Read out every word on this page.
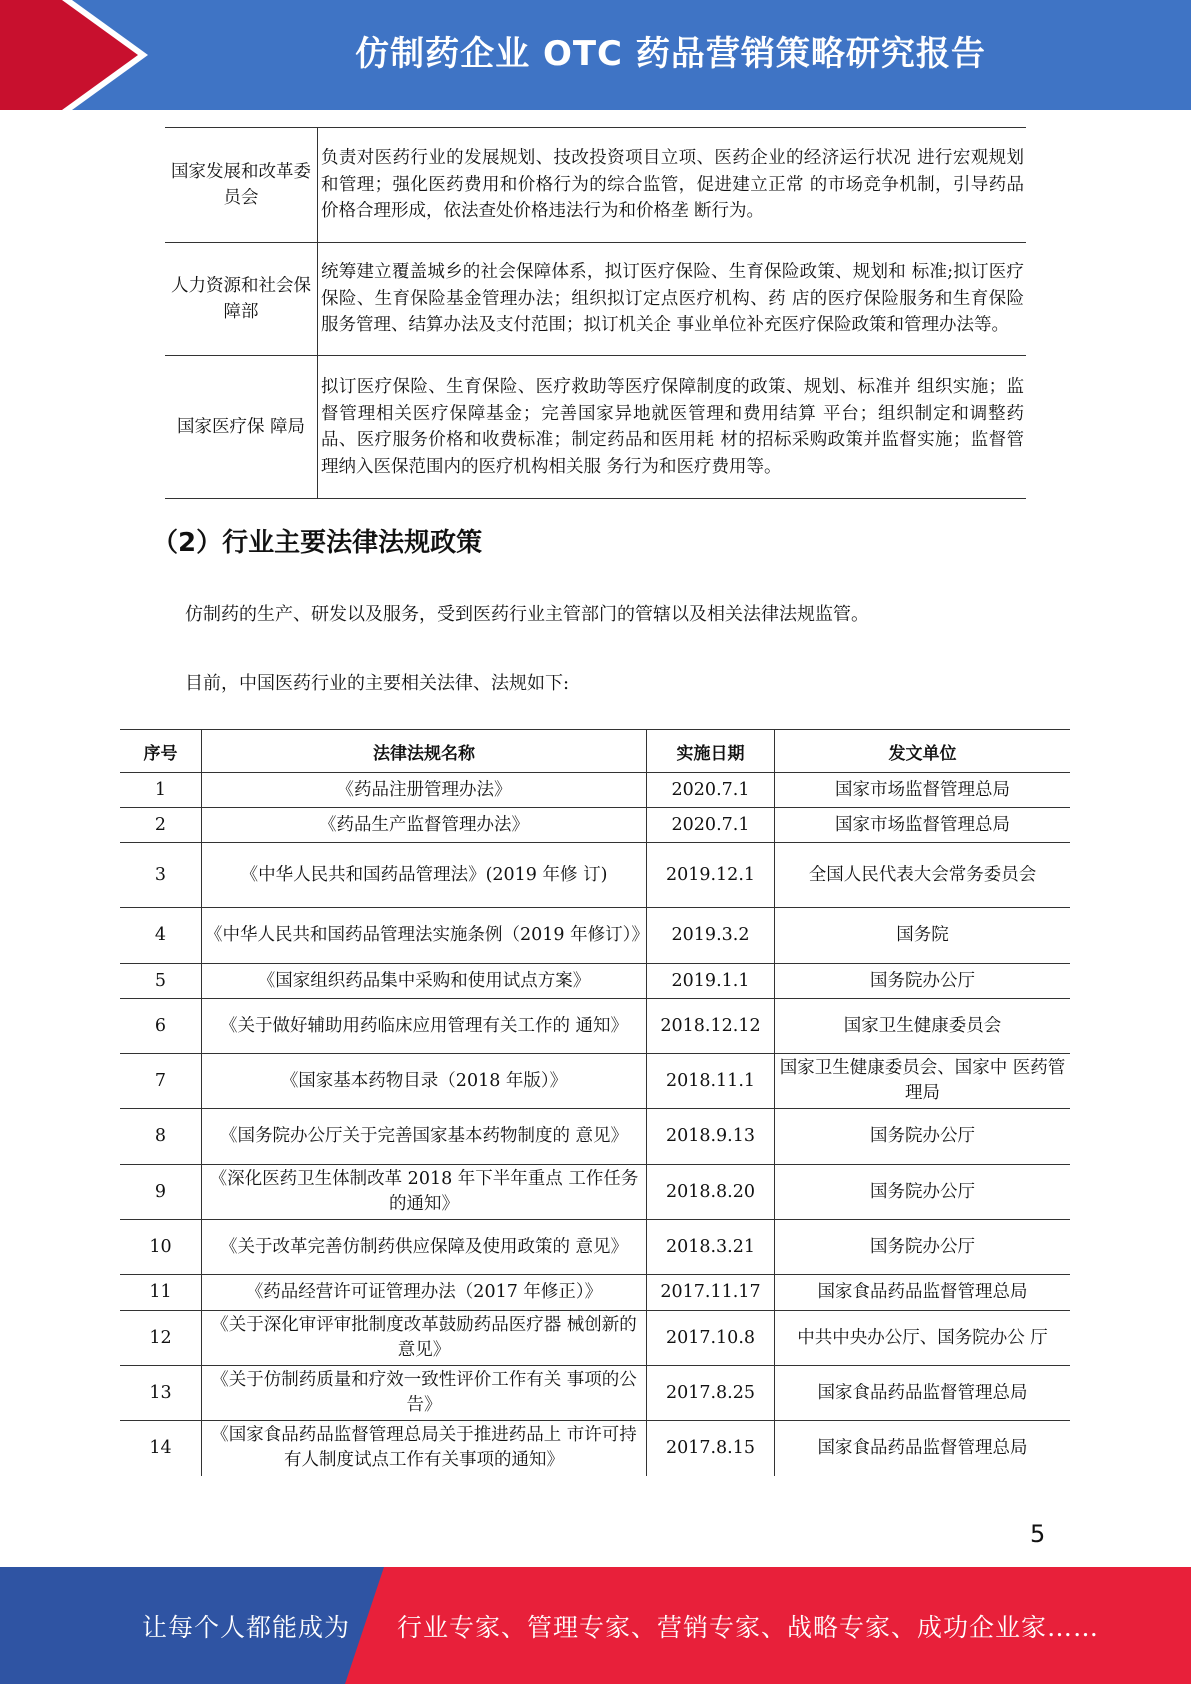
仿制药企业 OTC 药品营销策略研究报告
国家发展和改革委员会	负责对医药行业的发展规划、技改投资项目立项、医药企业的经济运行状况 进行宏观规划和管理；强化医药费用和价格行为的综合监管，促进建立正常 的市场竞争机制，引导药品价格合理形成，依法查处价格违法行为和价格垄 断行为。
人力资源和社会保障部	统筹建立覆盖城乡的社会保障体系，拟订医疗保险、生育保险政策、规划和 标准;拟订医疗保险、生育保险基金管理办法；组织拟订定点医疗机构、药 店的医疗保险服务和生育保险服务管理、结算办法及支付范围；拟订机关企 事业单位补充医疗保险政策和管理办法等。
国家医疗保 障局	拟订医疗保险、生育保险、医疗救助等医疗保障制度的政策、规划、标准并 组织实施；监督管理相关医疗保障基金；完善国家异地就医管理和费用结算 平台；组织制定和调整药品、医疗服务价格和收费标准；制定药品和医用耗 材的招标采购政策并监督实施；监督管理纳入医保范围内的医疗机构相关服 务行为和医疗费用等。
（2）行业主要法律法规政策
仿制药的生产、研发以及服务，受到医药行业主管部门的管辖以及相关法律法规监管。
目前，中国医药行业的主要相关法律、法规如下:
序号	法律法规名称	实施日期	发文单位
1	《药品注册管理办法》	2020.7.1	国家市场监督管理总局
2	《药品生产监督管理办法》	2020.7.1	国家市场监督管理总局
3	《中华人民共和国药品管理法》(2019 年修 订)	2019.12.1	全国人民代表大会常务委员会
4	《中华人民共和国药品管理法实施条例（2019 年修订）》	2019.3.2	国务院
5	《国家组织药品集中采购和使用试点方案》	2019.1.1	国务院办公厅
6	《关于做好辅助用药临床应用管理有关工作的 通知》	2018.12.12	国家卫生健康委员会
7	《国家基本药物目录（2018 年版）》	2018.11.1	国家卫生健康委员会、国家中 医药管理局
8	《国务院办公厅关于完善国家基本药物制度的 意见》	2018.9.13	国务院办公厅
9	《深化医药卫生体制改革 2018 年下半年重点 工作任务的通知》	2018.8.20	国务院办公厅
10	《关于改革完善仿制药供应保障及使用政策的 意见》	2018.3.21	国务院办公厅
11	《药品经营许可证管理办法（2017 年修正）》	2017.11.17	国家食品药品监督管理总局
12	《关于深化审评审批制度改革鼓励药品医疗器 械创新的意见》	2017.10.8	中共中央办公厅、国务院办公 厅
13	《关于仿制药质量和疗效一致性评价工作有关 事项的公告》	2017.8.25	国家食品药品监督管理总局
14	《国家食品药品监督管理总局关于推进药品上 市许可持有人制度试点工作有关事项的通知》	2017.8.15	国家食品药品监督管理总局
5
让每个人都能成为 行业专家、管理专家、营销专家、战略专家、成功企业家……
